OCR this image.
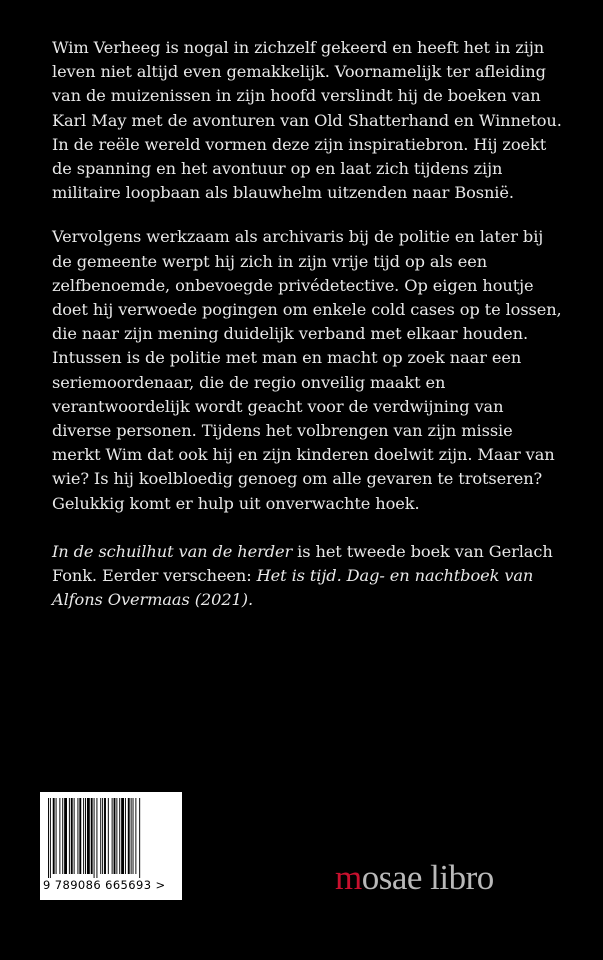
Wim Verheeg is nogal in zichzelf gekeerd en heeft het in zijn leven niet altijd even gemakkelijk. Voornamelijk ter afleiding van de muizenissen in zijn hoofd verslindt hij de boeken van Karl May met de avonturen van Old Shatterhand en Winnetou. In de reële wereld vormen deze zijn inspiratiebron. Hij zoekt de spanning en het avontuur op en laat zich tijdens zijn militaire loopbaan als blauwhelm uitzenden naar Bosnië.

Vervolgens werkzaam als archivaris bij de politie en later bij de gemeente werpt hij zich in zijn vrije tijd op als een zelfbenoemde, onbevoegde privédetective. Op eigen houtje doet hij verwoede pogingen om enkele cold cases op te lossen, die naar zijn mening duidelijk verband met elkaar houden. Intussen is de politie met man en macht op zoek naar een seriemoordenaar, die de regio onveilig maakt en verantwoordelijk wordt geacht voor de verdwijning van diverse personen. Tijdens het volbrengen van zijn missie merkt Wim dat ook hij en zijn kinderen doelwit zijn. Maar van wie? Is hij koelbloedig genoeg om alle gevaren te trotseren? Gelukkig komt er hulp uit onverwachte hoek.

In de schuilhut van de herder is het tweede boek van Gerlach Fonk. Eerder verscheen: Het is tijd. Dag- en nachtboek van Alfons Overmaas (2021).

9 789086 665693 >	mosae libro
